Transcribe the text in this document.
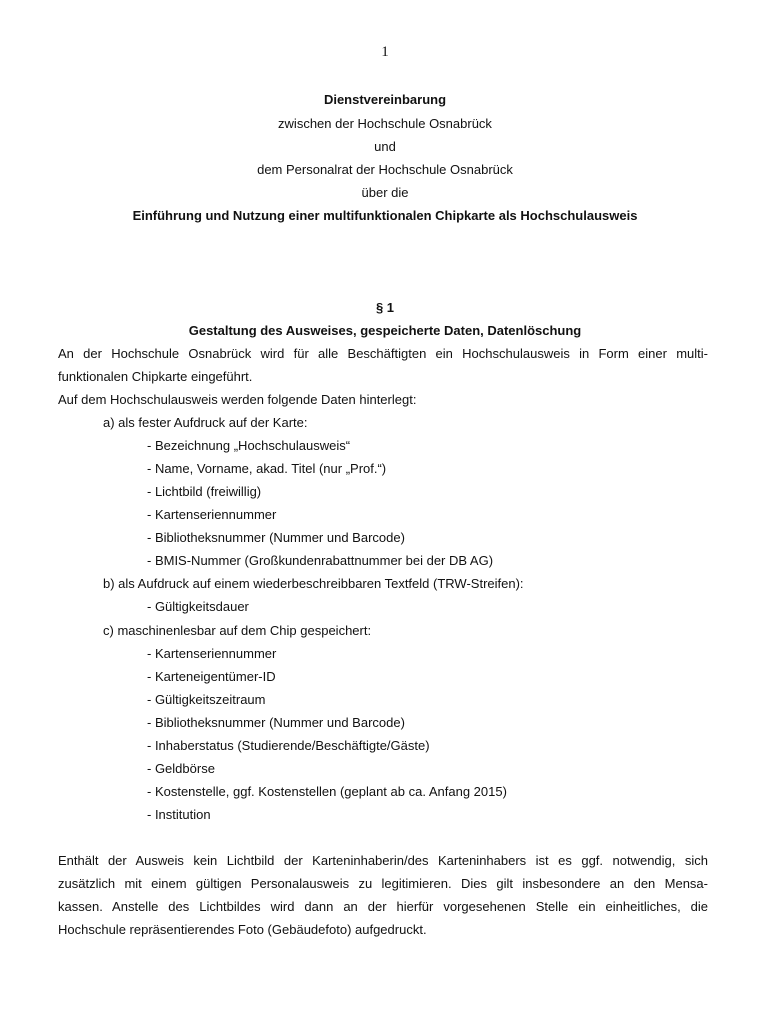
1
Dienstvereinbarung
zwischen der Hochschule Osnabrück
und
dem Personalrat der Hochschule Osnabrück
über die
Einführung und Nutzung einer multifunktionalen Chipkarte als Hochschulausweis
§ 1
Gestaltung des Ausweises, gespeicherte Daten, Datenlöschung
An der Hochschule Osnabrück wird für alle Beschäftigten ein Hochschulausweis in Form einer multi-
funktionalen Chipkarte eingeführt.
Auf dem Hochschulausweis werden folgende Daten hinterlegt:
a) als fester Aufdruck auf der Karte:
- Bezeichnung „Hochschulausweis“
- Name, Vorname, akad. Titel (nur „Prof.“)
- Lichtbild (freiwillig)
- Kartenseriennummer
- Bibliotheksnummer (Nummer und Barcode)
- BMIS-Nummer (Großkundenrabattnummer bei der DB AG)
b) als Aufdruck auf einem wiederbeschreibbaren Textfeld (TRW-Streifen):
- Gültigkeitsdauer
c) maschinenlesbar auf dem Chip gespeichert:
- Kartenseriennummer
- Karteneigentümer-ID
- Gültigkeitszeitraum
- Bibliotheksnummer (Nummer und Barcode)
- Inhaberstatus (Studierende/Beschäftigte/Gäste)
- Geldbörse
- Kostenstelle, ggf. Kostenstellen (geplant ab ca. Anfang 2015)
- Institution
Enthält der Ausweis kein Lichtbild der Karteninhaberin/des Karteninhabers ist es ggf. notwendig, sich
zusätzlich mit einem gültigen Personalausweis zu legitimieren. Dies gilt insbesondere an den Mensa-
kassen. Anstelle des Lichtbildes wird dann an der hierfür vorgesehenen Stelle ein einheitliches, die
Hochschule repräsentierendes Foto (Gebäudefoto) aufgedruckt.
